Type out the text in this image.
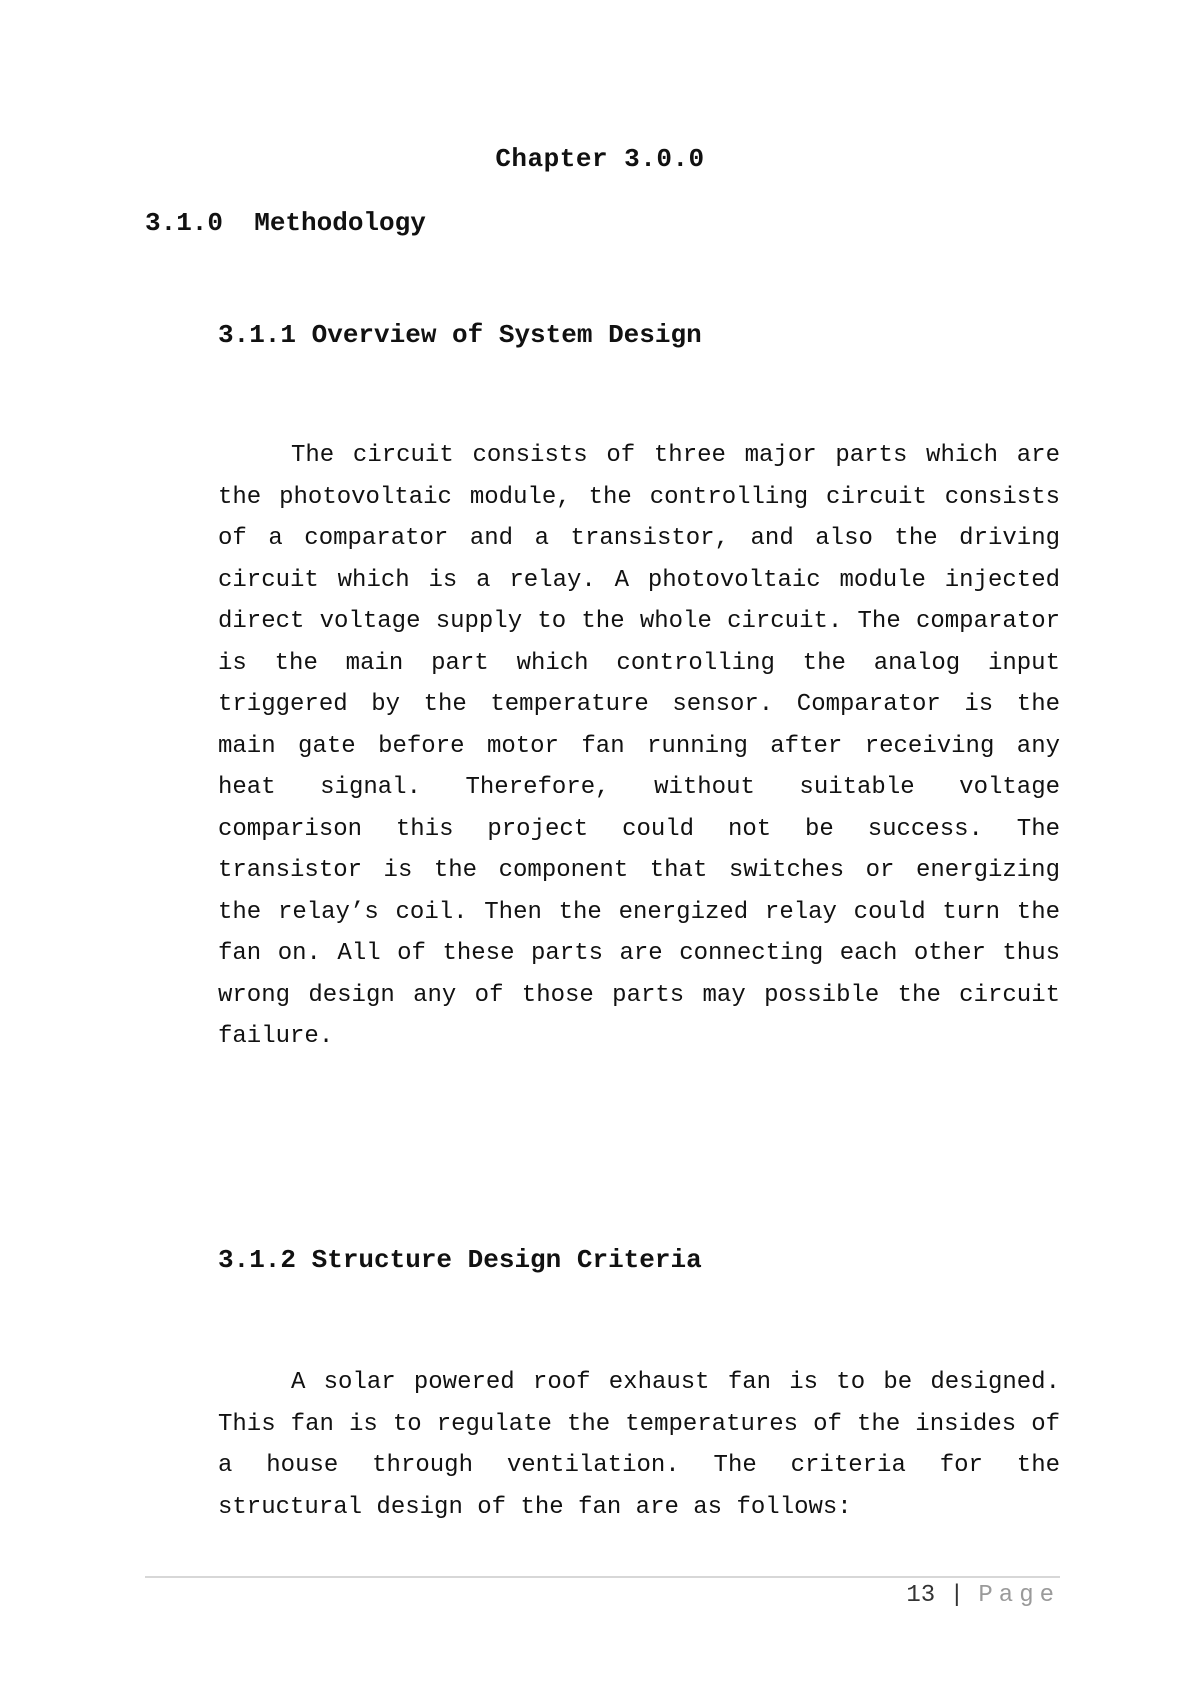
Chapter 3.0.0
3.1.0  Methodology
3.1.1 Overview of System Design

The circuit consists of three major parts which are the photovoltaic module, the controlling circuit consists of a comparator and a transistor, and also the driving circuit which is a relay. A photovoltaic module injected direct voltage supply to the whole circuit. The comparator is the main part which controlling the analog input triggered by the temperature sensor. Comparator is the main gate before motor fan running after receiving any heat signal. Therefore, without suitable voltage comparison this project could not be success. The transistor is the component that switches or energizing the relay’s coil. Then the energized relay could turn the fan on. All of these parts are connecting each other thus wrong design any of those parts may possible the circuit failure.

3.1.2 Structure Design Criteria

A solar powered roof exhaust fan is to be designed. This fan is to regulate the temperatures of the insides of a house through ventilation. The criteria for the structural design of the fan are as follows:

13 | Page
